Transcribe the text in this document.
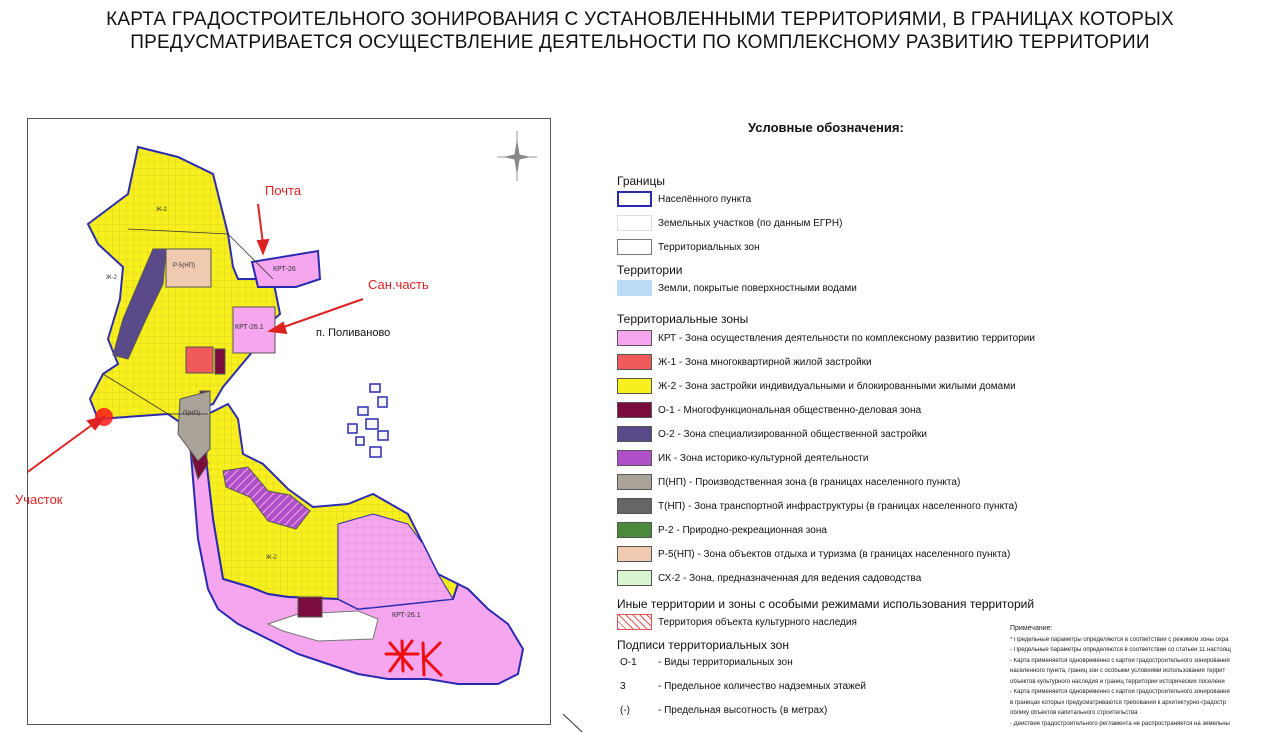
КАРТА ГРАДОСТРОИТЕЛЬНОГО ЗОНИРОВАНИЯ С УСТАНОВЛЕННЫМИ ТЕРРИТОРИЯМИ, В ГРАНИЦАХ КОТОРЫХ
ПРЕДУСМАТРИВАЕТСЯ ОСУЩЕСТВЛЕНИЕ ДЕЯТЕЛЬНОСТИ ПО КОМПЛЕКСНОМУ РАЗВИТИЮ ТЕРРИТОРИИ
Ж-2
Ж-2
Ж-2
Р-5(НП)
П(НП)
КРТ-26
КРТ-26.1
КРТ-26.1
Почта
Сан.часть
п. Поливаново
Участок
Условные обозначения:
Границы
Населённого пункта
Земельных участков (по данным ЕГРН)
Территориальных зон
Территории
Земли, покрытые поверхностными водами
Территориальные зоны
КРТ - Зона осуществления деятельности по комплексному развитию территории
Ж-1 - Зона многоквартирной жилой застройки
Ж-2 - Зона застройки индивидуальными и блокированными жилыми домами
О-1 - Многофункциональная общественно-деловая зона
О-2 - Зона специализированной общественной застройки
ИК - Зона историко-культурной деятельности
П(НП) - Производственная зона (в границах населенного пункта)
Т(НП) - Зона транспортной инфраструктуры (в границах населенного пункта)
Р-2 - Природно-рекреационная зона
Р-5(НП) - Зона объектов отдыха и туризма (в границах населенного пункта)
СХ-2 - Зона, предназначенная для ведения садоводства
Иные территории и зоны с особыми режимами использования территорий
Территория объекта культурного наследия
Подписи территориальных зон
О-1	- Виды территориальных зон
3	- Предельное количество надземных этажей
(-)	- Предельная высотность (в метрах)
Примечание:
* Предельные параметры определяются в соответствии с режимом зоны охра
- Предельные параметры определяются в соответствии со статьей 11 настоящ
- Карта применяется одновременно с картой градостроительного зонирования
населенного пункта, границ зон с особыми условиями использования террит
объектов культурного наследия и границ территорий исторических поселени
- Карта применяется одновременно с картой градостроительного зонирования
в границах которых предусматриваются требования к архитектурно-градостр
облику объектов капитального строительства
- Действие градостроительного регламента не распространяется на земельны
